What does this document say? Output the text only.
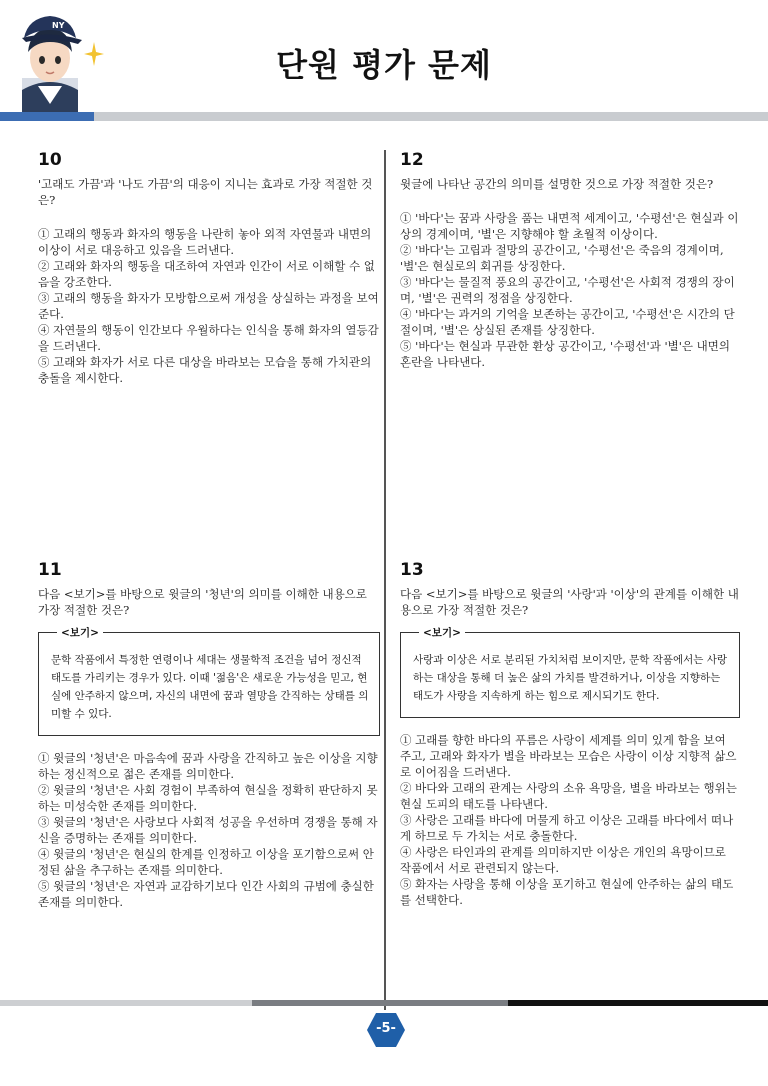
NY
단원 평가 문제
10
'고래도 가끔'과 '나도 가끔'의 대응이 지니는 효과로 가장 적절한 것은?

① 고래의 행동과 화자의 행동을 나란히 놓아 외적 자연물과 내면의 이상이 서로 대응하고 있음을 드러낸다.

② 고래와 화자의 행동을 대조하여 자연과 인간이 서로 이해할 수 없음을 강조한다.

③ 고래의 행동을 화자가 모방함으로써 개성을 상실하는 과정을 보여 준다.

④ 자연물의 행동이 인간보다 우월하다는 인식을 통해 화자의 열등감을 드러낸다.

⑤ 고래와 화자가 서로 다른 대상을 바라보는 모습을 통해 가치관의 충돌을 제시한다.

12
윗글에 나타난 공간의 의미를 설명한 것으로 가장 적절한 것은?

① '바다'는 꿈과 사랑을 품는 내면적 세계이고, '수평선'은 현실과 이상의 경계이며, '별'은 지향해야 할 초월적 이상이다.

② '바다'는 고립과 절망의 공간이고, '수평선'은 죽음의 경계이며, '별'은 현실로의 회귀를 상징한다.

③ '바다'는 물질적 풍요의 공간이고, '수평선'은 사회적 경쟁의 장이며, '별'은 권력의 정점을 상징한다.

④ '바다'는 과거의 기억을 보존하는 공간이고, '수평선'은 시간의 단절이며, '별'은 상실된 존재를 상징한다.

⑤ '바다'는 현실과 무관한 환상 공간이고, '수평선'과 '별'은 내면의 혼란을 나타낸다.

11
다음 <보기>를 바탕으로 윗글의 '청년'의 의미를 이해한 내용으로 가장 적절한 것은?
<보기>
문학 작품에서 특정한 연령이나 세대는 생물학적 조건을 넘어 정신적 태도를 가리키는 경우가 있다. 이때 '젊음'은 새로운 가능성을 믿고, 현실에 안주하지 않으며, 자신의 내면에 꿈과 열망을 간직하는 상태를 의미할 수 있다.

① 윗글의 '청년'은 마음속에 꿈과 사랑을 간직하고 높은 이상을 지향하는 정신적으로 젊은 존재를 의미한다.

② 윗글의 '청년'은 사회 경험이 부족하여 현실을 정확히 판단하지 못하는 미성숙한 존재를 의미한다.

③ 윗글의 '청년'은 사랑보다 사회적 성공을 우선하며 경쟁을 통해 자신을 증명하는 존재를 의미한다.

④ 윗글의 '청년'은 현실의 한계를 인정하고 이상을 포기함으로써 안정된 삶을 추구하는 존재를 의미한다.

⑤ 윗글의 '청년'은 자연과 교감하기보다 인간 사회의 규범에 충실한 존재를 의미한다.

13
다음 <보기>를 바탕으로 윗글의 '사랑'과 '이상'의 관계를 이해한 내용으로 가장 적절한 것은?
<보기>
사랑과 이상은 서로 분리된 가치처럼 보이지만, 문학 작품에서는 사랑하는 대상을 통해 더 높은 삶의 가치를 발견하거나, 이상을 지향하는 태도가 사랑을 지속하게 하는 힘으로 제시되기도 한다.

① 고래를 향한 바다의 푸름은 사랑이 세계를 의미 있게 함을 보여 주고, 고래와 화자가 별을 바라보는 모습은 사랑이 이상 지향적 삶으로 이어짐을 드러낸다.

② 바다와 고래의 관계는 사랑의 소유 욕망을, 별을 바라보는 행위는 현실 도피의 태도를 나타낸다.

③ 사랑은 고래를 바다에 머물게 하고 이상은 고래를 바다에서 떠나게 하므로 두 가치는 서로 충돌한다.

④ 사랑은 타인과의 관계를 의미하지만 이상은 개인의 욕망이므로 작품에서 서로 관련되지 않는다.

⑤ 화자는 사랑을 통해 이상을 포기하고 현실에 안주하는 삶의 태도를 선택한다.

-5-
